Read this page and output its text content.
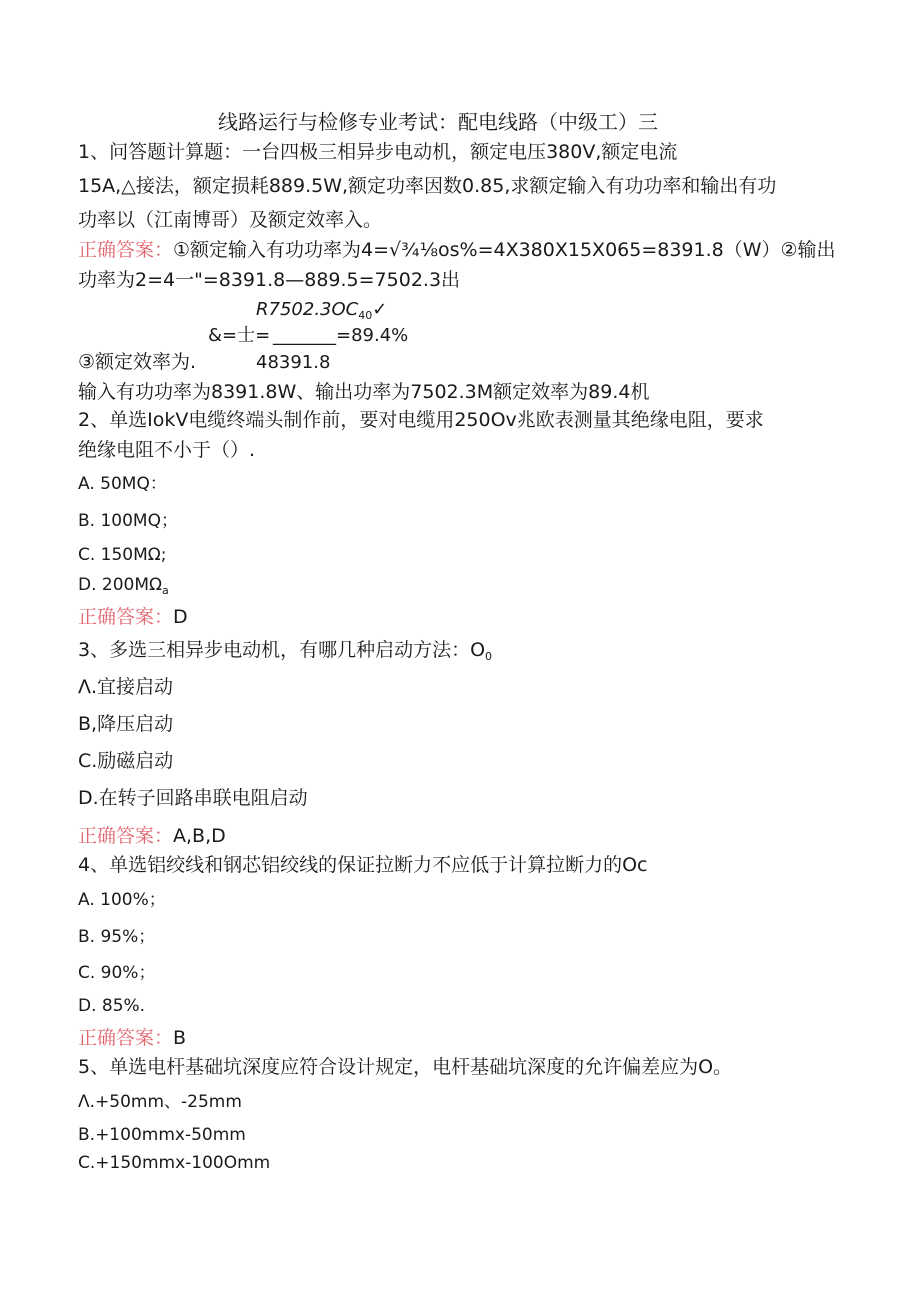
线路运行与检修专业考试：配电线路（中级工）三
1、问答题计算题：一台四极三相异步电动机，额定电压380V,额定电流
15A,△接法，额定损耗889.5W,额定功率因数0.85,求额定输入有功功率和输出有功
功率以（江南博哥）及额定效率入。
正确答案：①额定输入有功功率为4=√¾⅛os%=4X380X15X065=8391.8（W）②输出
功率为2=4一"=8391.8—889.5=7502.3出
$R7502.3OC_{40}✓$
&=士= _______=89.4%
③额定效率为.	48391.8
输入有功功率为8391.8W、输出功率为7502.3M额定效率为89.4机
2、单选IokV电缆终端头制作前，要对电缆用250Ov兆欧表测量其绝缘电阻，要求
绝缘电阻不小于（）.
A. 50MQ：
B. 100MQ；
C. 150MΩ;
D. $200M\Omega_a$
正确答案：D
3、多选三相异步电动机，有哪几种启动方法：$O_0$
Λ.宜接启动
B,降压启动
C.励磁启动
D.在转子回路串联电阻启动
正确答案：A,B,D
4、单选铝绞线和钢芯铝绞线的保证拉断力不应低于计算拉断力的Oc
A. 100%；
B. 95%；
C. 90%；
D. 85%.
正确答案：B
5、单选电杆基础坑深度应符合设计规定，电杆基础坑深度的允许偏差应为O。
Λ.+50mm、-25mm
B.+100mmx-50mm
C.+150mmx-100Omm
